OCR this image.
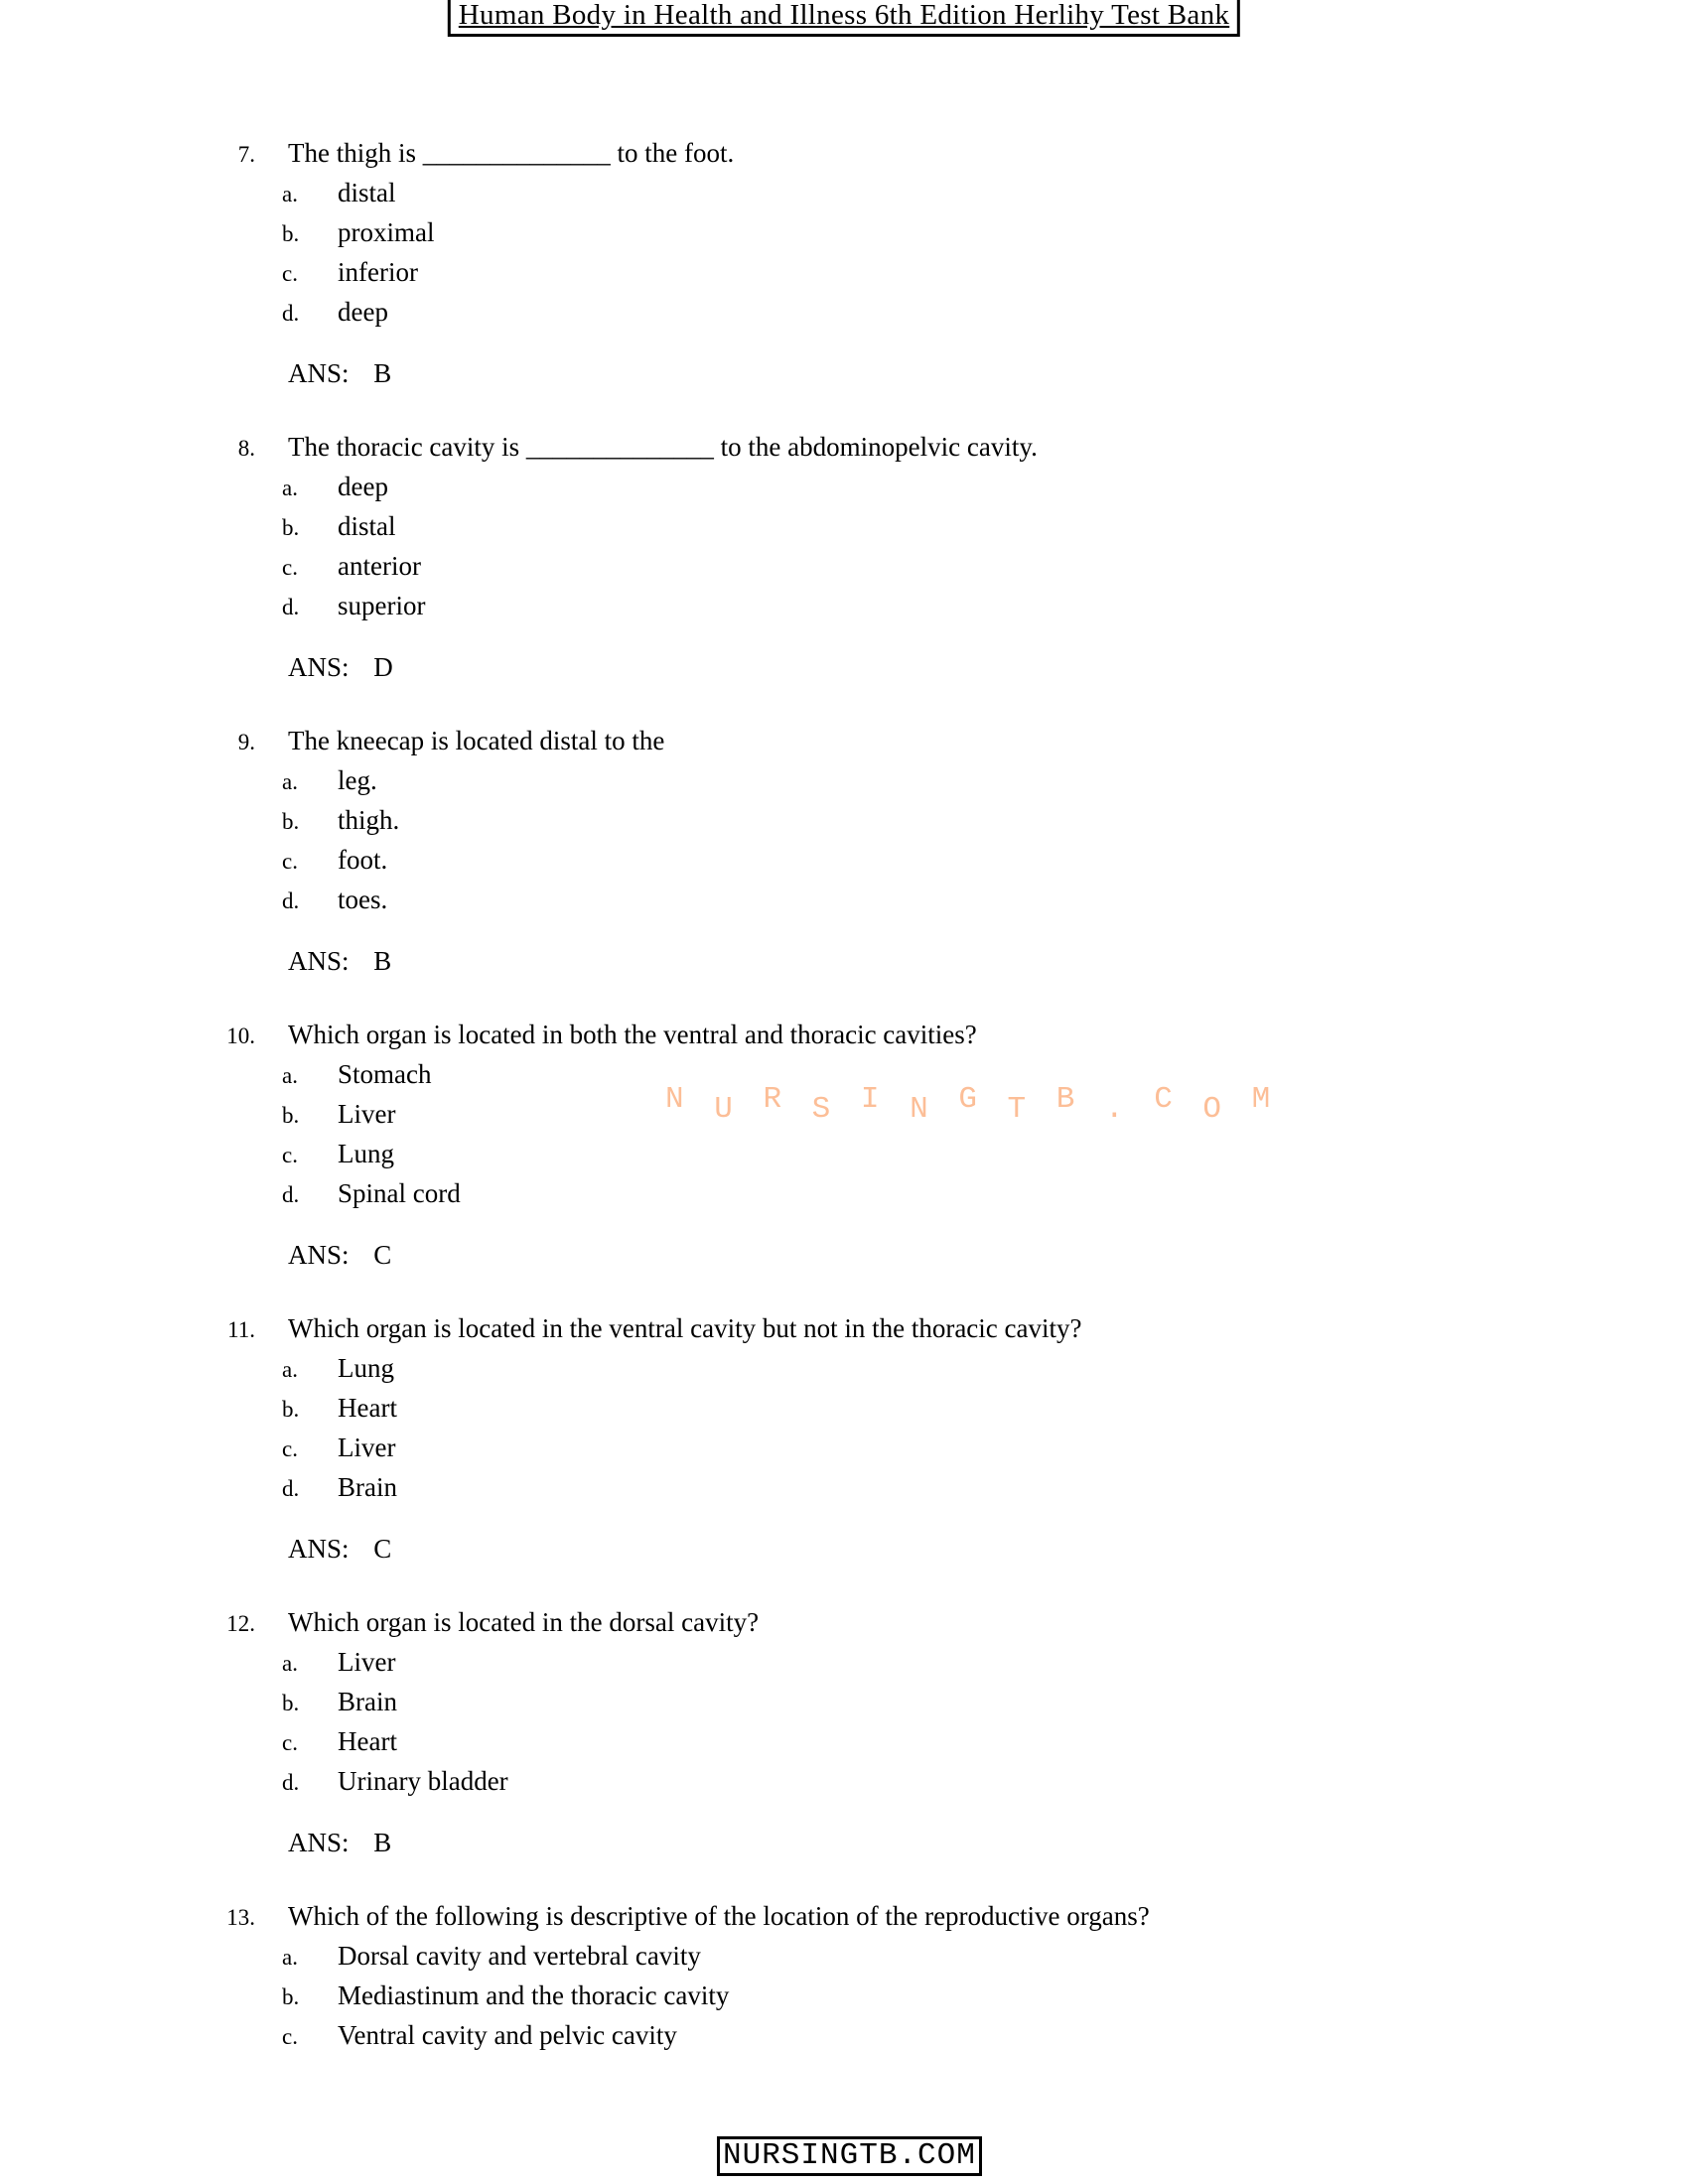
Human Body in Health and Illness 6th Edition Herlihy Test Bank
7. The thigh is ______________ to the foot.
a.	distal
b.	proximal
c.	inferior
d.	deep
ANS: B
8. The thoracic cavity is ______________ to the abdominopelvic cavity.
a.	deep
b.	distal
c.	anterior
d.	superior
ANS: D
9. The kneecap is located distal to the
a.	leg.
b.	thigh.
c.	foot.
d.	toes.
ANS: B
10. Which organ is located in both the ventral and thoracic cavities?
a.	Stomach
b.	Liver
c.	Lung
d.	Spinal cord
ANS: C
11. Which organ is located in the ventral cavity but not in the thoracic cavity?
a.	Lung
b.	Heart
c.	Liver
d.	Brain
ANS: C
12. Which organ is located in the dorsal cavity?
a.	Liver
b.	Brain
c.	Heart
d.	Urinary bladder
ANS: B
13. Which of the following is descriptive of the location of the reproductive organs?
a.	Dorsal cavity and vertebral cavity
b.	Mediastinum and the thoracic cavity
c.	Ventral cavity and pelvic cavity
N U R S I N G T B . C O M
NURSINGTB.COM
